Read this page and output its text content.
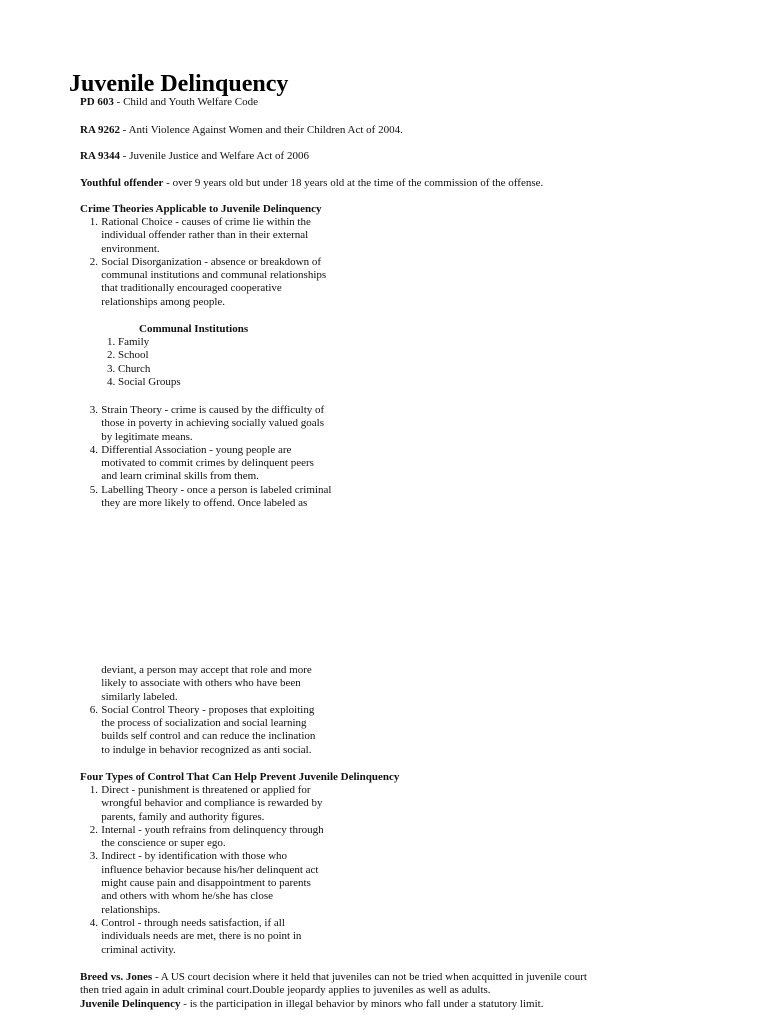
Juvenile Delinquency
PD 603 - Child and Youth Welfare Code
RA 9262 - Anti Violence Against Women and their Children Act of 2004.
RA 9344 - Juvenile Justice and Welfare Act of 2006
Youthful offender - over 9 years old but under 18 years old at the time of the commission of the offense.
Crime Theories Applicable to Juvenile Delinquency
1. Rational Choice - causes of crime lie within the
individual offender rather than in their external
environment.
2. Social Disorganization - absence or breakdown of
communal institutions and communal relationships
that traditionally encouraged cooperative
relationships among people.
Communal Institutions
1. Family
2. School
3. Church
4. Social Groups
3. Strain Theory - crime is caused by the difficulty of
those in poverty in achieving socially valued goals
by legitimate means.
4. Differential Association - young people are
motivated to commit crimes by delinquent peers
and learn criminal skills from them.
5. Labelling Theory - once a person is labeled criminal
they are more likely to offend. Once labeled as
deviant, a person may accept that role and more
likely to associate with others who have been
similarly labeled.
6. Social Control Theory - proposes that exploiting
the process of socialization and social learning
builds self control and can reduce the inclination
to indulge in behavior recognized as anti social.
Four Types of Control That Can Help Prevent Juvenile Delinquency
1. Direct - punishment is threatened or applied for
wrongful behavior and compliance is rewarded by
parents, family and authority figures.
2. Internal - youth refrains from delinquency through
the conscience or super ego.
3. Indirect - by identification with those who
influence behavior because his/her delinquent act
might cause pain and disappointment to parents
and others with whom he/she has close
relationships.
4. Control - through needs satisfaction, if all
individuals needs are met, there is no point in
criminal activity.
Breed vs. Jones - A US court decision where it held that juveniles can not be tried when acquitted in juvenile court
then tried again in adult criminal court.Double jeopardy applies to juveniles as well as adults.
Juvenile Delinquency - is the participation in illegal behavior by minors who fall under a statutory limit.
